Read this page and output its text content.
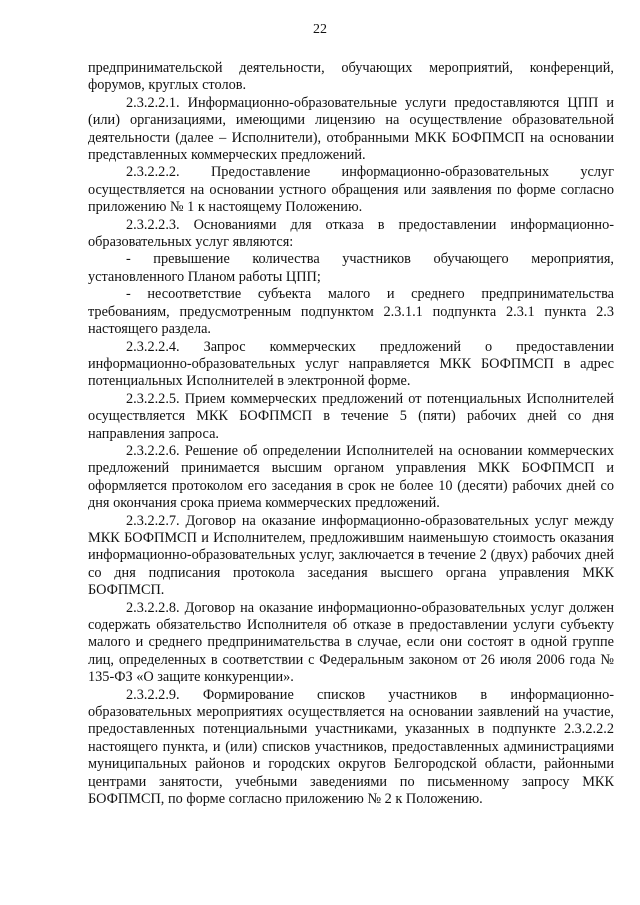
22

предпринимательской деятельности, обучающих мероприятий, конференций, форумов, круглых столов.

2.3.2.2.1. Информационно-образовательные услуги предоставляются ЦПП и (или) организациями, имеющими лицензию на осуществление образовательной деятельности (далее – Исполнители), отобранными МКК БОФПМСП на основании представленных коммерческих предложений.

2.3.2.2.2. Предоставление информационно-образовательных услуг осуществляется на основании устного обращения или заявления по форме согласно приложению № 1 к настоящему Положению.

2.3.2.2.3. Основаниями для отказа в предоставлении информационно-образовательных услуг являются:

- превышение количества участников обучающего мероприятия, установленного Планом работы ЦПП;

- несоответствие субъекта малого и среднего предпринимательства требованиям, предусмотренным подпунктом 2.3.1.1 подпункта 2.3.1 пункта 2.3 настоящего раздела.

2.3.2.2.4. Запрос коммерческих предложений о предоставлении информационно-образовательных услуг направляется МКК БОФПМСП в адрес потенциальных Исполнителей в электронной форме.

2.3.2.2.5. Прием коммерческих предложений от потенциальных Исполнителей осуществляется МКК БОФПМСП в течение 5 (пяти) рабочих дней со дня направления запроса.

2.3.2.2.6. Решение об определении Исполнителей на основании коммерческих предложений принимается высшим органом управления МКК БОФПМСП и оформляется протоколом его заседания в срок не более 10 (десяти) рабочих дней со дня окончания срока приема коммерческих предложений.

2.3.2.2.7. Договор на оказание информационно-образовательных услуг между МКК БОФПМСП и Исполнителем, предложившим наименьшую стоимость оказания информационно-образовательных услуг, заключается в течение 2 (двух) рабочих дней со дня подписания протокола заседания высшего органа управления МКК БОФПМСП.

2.3.2.2.8. Договор на оказание информационно-образовательных услуг должен содержать обязательство Исполнителя об отказе в предоставлении услуги субъекту малого и среднего предпринимательства в случае, если они состоят в одной группе лиц, определенных в соответствии с Федеральным законом от 26 июля 2006 года № 135-ФЗ «О защите конкуренции».

2.3.2.2.9. Формирование списков участников в информационно-образовательных мероприятиях осуществляется на основании заявлений на участие, предоставленных потенциальными участниками, указанных в подпункте 2.3.2.2.2 настоящего пункта, и (или) списков участников, предоставленных администрациями муниципальных районов и городских округов Белгородской области, районными центрами занятости, учебными заведениями по письменному запросу МКК БОФПМСП, по форме согласно приложению № 2 к Положению.
